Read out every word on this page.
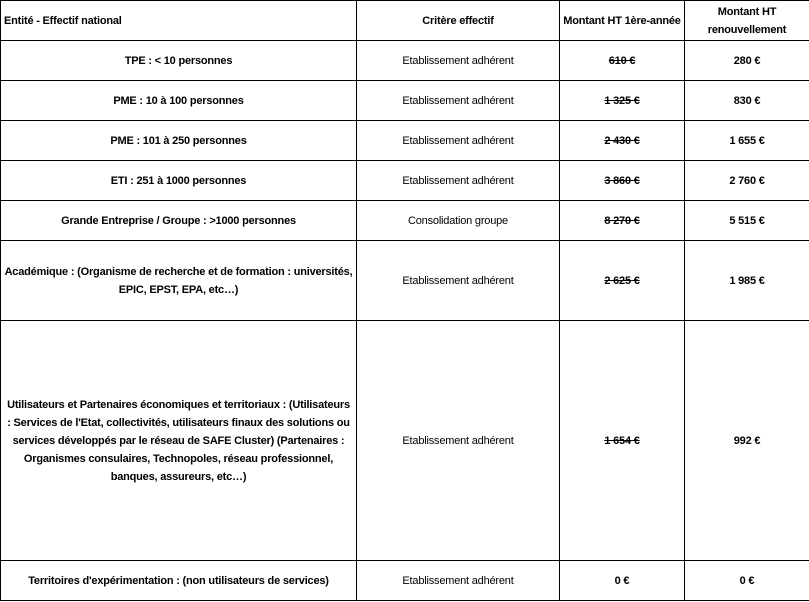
Entité - Effectif national	Critère effectif	Montant HT 1ère-année	Montant HT renouvellement

TPE : < 10 personnes	Etablissement adhérent	610 €	280 €
PME : 10 à 100 personnes	Etablissement adhérent	1 325 €	830 €
PME : 101 à 250 personnes	Etablissement adhérent	2 430 €	1 655 €
ETI : 251 à 1000 personnes	Etablissement adhérent	3 860 €	2 760 €
Grande Entreprise / Groupe : >1000 personnes	Consolidation groupe	8 270 €	5 515 €

Académique : (Organisme de recherche et de formation : universités, EPIC, EPST, EPA, etc…)	Etablissement adhérent	2 625 €	1 985 €

Utilisateurs et Partenaires économiques et territoriaux : (Utilisateurs : Services de l'Etat, collectivités, utilisateurs finaux des solutions ou services développés par le réseau de SAFE Cluster) (Partenaires : Organismes consulaires, Technopoles, réseau professionnel, banques, assureurs, etc…)	Etablissement adhérent	1 654 €	992 €

Territoires d'expérimentation : (non utilisateurs de services)	Etablissement adhérent	0 €	0 €
